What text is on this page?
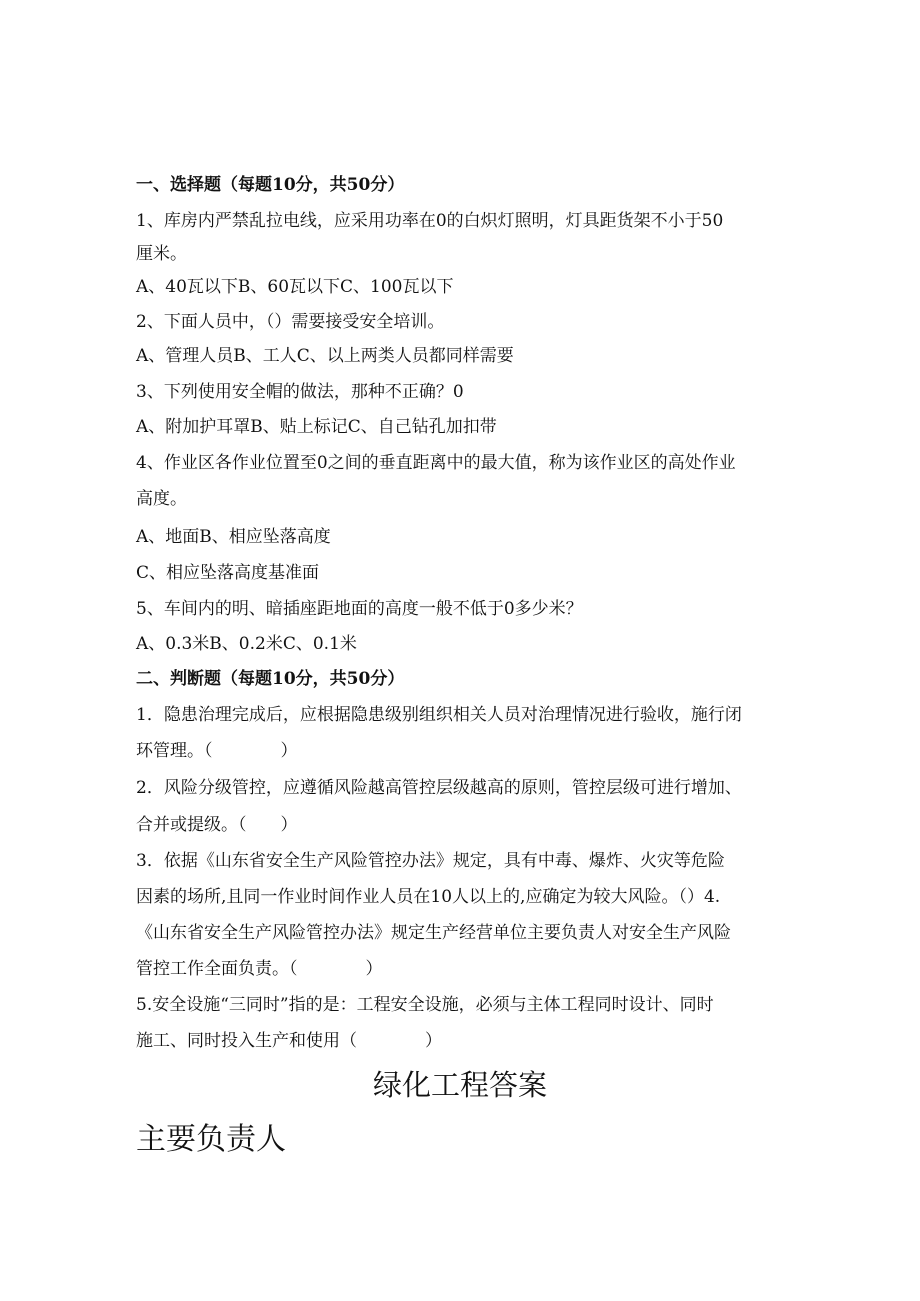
一、选择题（每题10分，共50分）
1、库房内严禁乱拉电线，应采用功率在0的白炽灯照明，灯具距货架不小于50
厘米。
A、40瓦以下B、60瓦以下C、100瓦以下
2、下面人员中，（）需要接受安全培训。
A、管理人员B、工人C、以上两类人员都同样需要
3、下列使用安全帽的做法，那种不正确？0
A、附加护耳罩B、贴上标记C、自己钻孔加扣带
4、作业区各作业位置至0之间的垂直距离中的最大值，称为该作业区的高处作业
高度。
A、地面B、相应坠落高度
C、相应坠落高度基准面
5、车间内的明、暗插座距地面的高度一般不低于0多少米？
A、0.3米B、0.2米C、0.1米
二、判断题（每题10分，共50分）
1．隐患治理完成后，应根据隐患级别组织相关人员对治理情况进行验收，施行闭
环管理。（　　　　）
2．风险分级管控，应遵循风险越高管控层级越高的原则，管控层级可进行增加、
合并或提级。（　　）
3．依据《山东省安全生产风险管控办法》规定，具有中毒、爆炸、火灾等危险
因素的场所,且同一作业时间作业人员在10人以上的,应确定为较大风险。（）4.
《山东省安全生产风险管控办法》规定生产经营单位主要负责人对安全生产风险
管控工作全面负责。（　　　　）
5.安全设施“三同时”指的是：工程安全设施，必须与主体工程同时设计、同时
施工、同时投入生产和使用（　　　　）
绿化工程答案
主要负责人
